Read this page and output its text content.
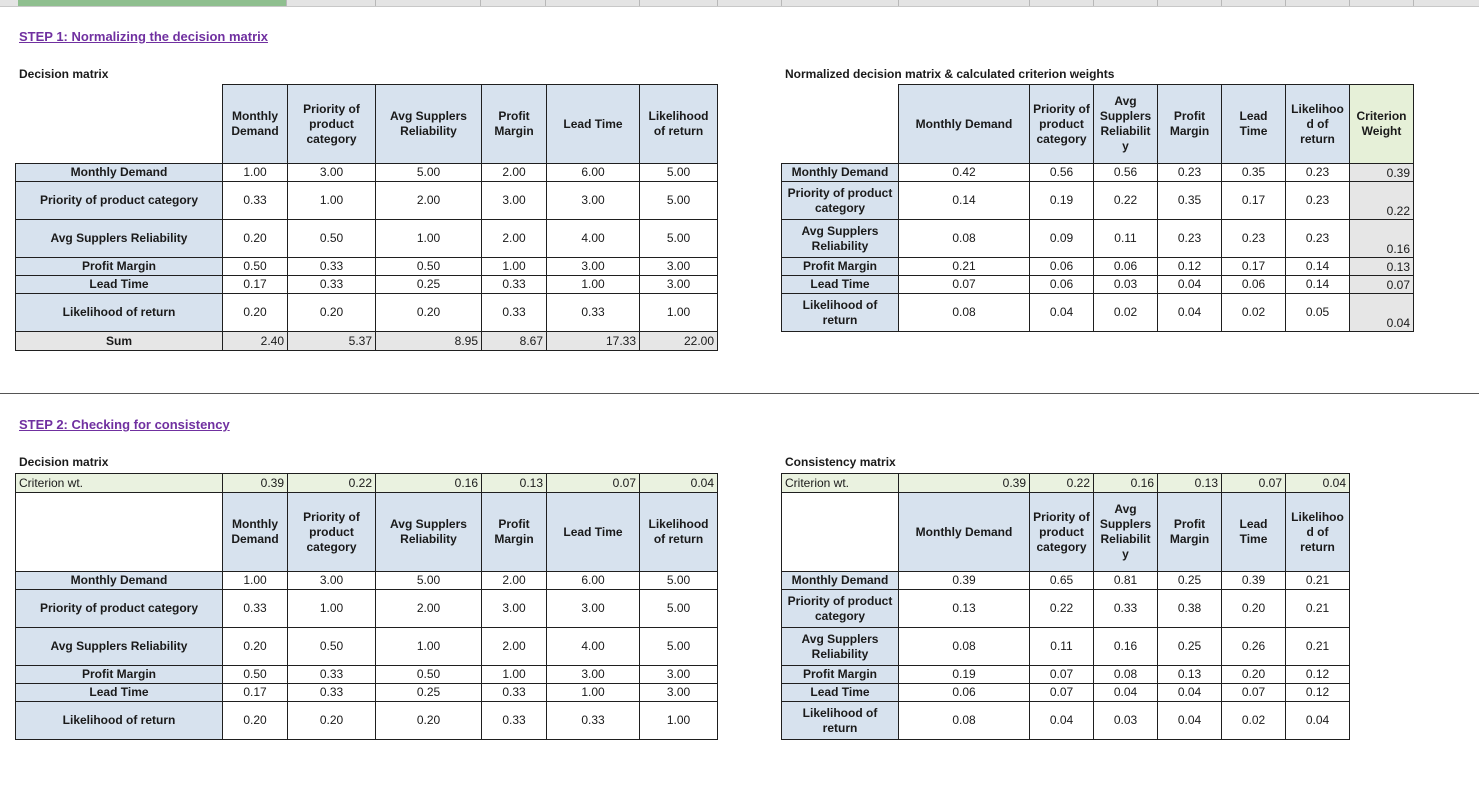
STEP 1: Normalizing the decision matrix
Decision matrix	Normalized decision matrix & calculated criterion weights
	Monthly Demand	Priority of product category	Avg Supplers Reliability	Profit Margin	Lead Time	Likelihood of return
Monthly Demand	1.00	3.00	5.00	2.00	6.00	5.00
Priority of product category	0.33	1.00	2.00	3.00	3.00	5.00
Avg Supplers Reliability	0.20	0.50	1.00	2.00	4.00	5.00
Profit Margin	0.50	0.33	0.50	1.00	3.00	3.00
Lead Time	0.17	0.33	0.25	0.33	1.00	3.00
Likelihood of return	0.20	0.20	0.20	0.33	0.33	1.00
Sum	2.40	5.37	8.95	8.67	17.33	22.00
	Monthly Demand	Priority of product category	Avg Supplers Reliabilit y	Profit Margin	Lead Time	Likelihoo d of return	Criterion Weight
Monthly Demand	0.42	0.56	0.56	0.23	0.35	0.23	0.39
Priority of product category	0.14	0.19	0.22	0.35	0.17	0.23	0.22
Avg Supplers Reliability	0.08	0.09	0.11	0.23	0.23	0.23	0.16
Profit Margin	0.21	0.06	0.06	0.12	0.17	0.14	0.13
Lead Time	0.07	0.06	0.03	0.04	0.06	0.14	0.07
Likelihood of return	0.08	0.04	0.02	0.04	0.02	0.05	0.04
STEP 2: Checking for consistency
Decision matrix	Consistency matrix
Criterion wt.	0.39	0.22	0.16	0.13	0.07	0.04
	Monthly Demand	Priority of product category	Avg Supplers Reliability	Profit Margin	Lead Time	Likelihood of return
Monthly Demand	1.00	3.00	5.00	2.00	6.00	5.00
Priority of product category	0.33	1.00	2.00	3.00	3.00	5.00
Avg Supplers Reliability	0.20	0.50	1.00	2.00	4.00	5.00
Profit Margin	0.50	0.33	0.50	1.00	3.00	3.00
Lead Time	0.17	0.33	0.25	0.33	1.00	3.00
Likelihood of return	0.20	0.20	0.20	0.33	0.33	1.00
Criterion wt.	0.39	0.22	0.16	0.13	0.07	0.04
	Monthly Demand	Priority of product category	Avg Supplers Reliabilit y	Profit Margin	Lead Time	Likelihoo d of return
Monthly Demand	0.39	0.65	0.81	0.25	0.39	0.21
Priority of product category	0.13	0.22	0.33	0.38	0.20	0.21
Avg Supplers Reliability	0.08	0.11	0.16	0.25	0.26	0.21
Profit Margin	0.19	0.07	0.08	0.13	0.20	0.12
Lead Time	0.06	0.07	0.04	0.04	0.07	0.12
Likelihood of return	0.08	0.04	0.03	0.04	0.02	0.04
